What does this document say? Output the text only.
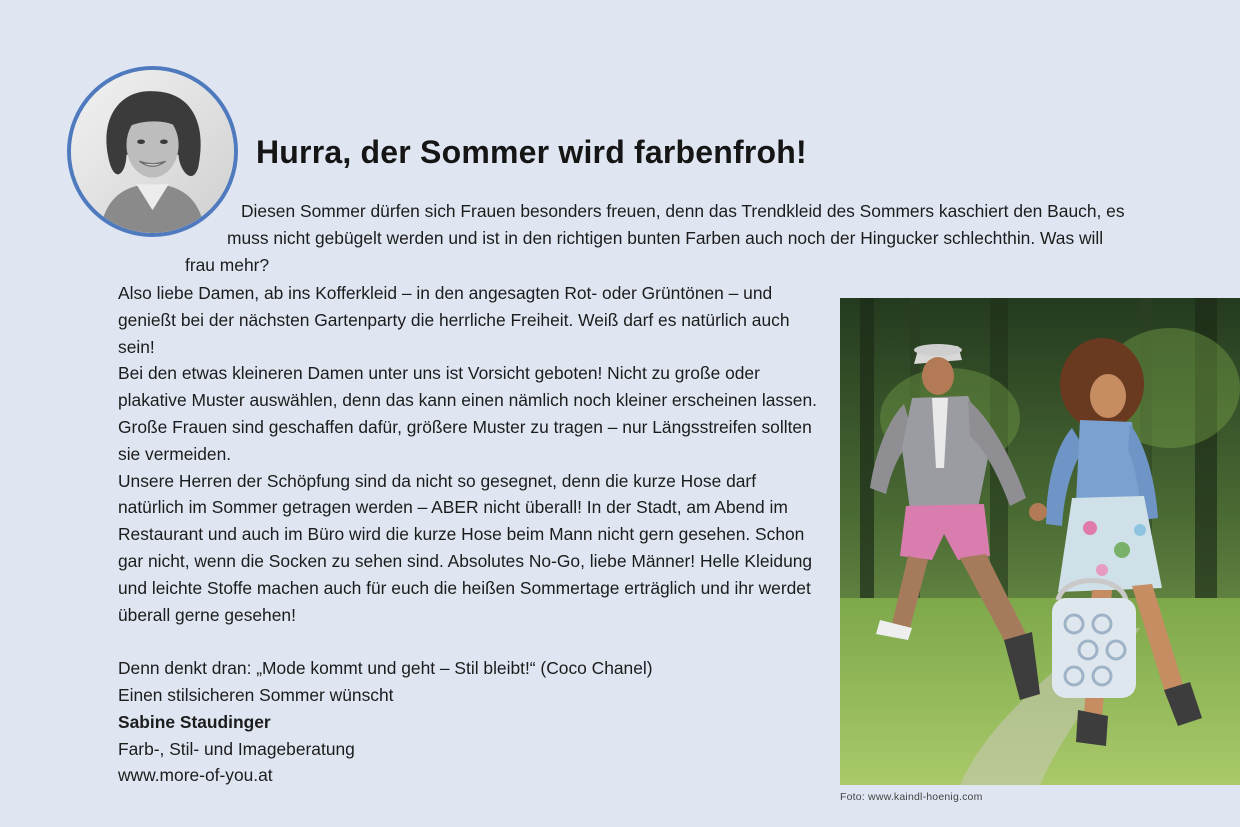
Hurra, der Sommer wird farbenfroh!
Diesen Sommer dürfen sich Frauen besonders freuen, denn das Trendkleid des Sommers kaschiert den Bauch, es
muss nicht gebügelt werden und ist in den richtigen bunten Farben auch noch der Hingucker schlechthin. Was will
frau mehr?

Also liebe Damen, ab ins Kofferkleid – in den angesagten Rot- oder Grüntönen – und genießt bei der nächsten Gartenparty die herrliche Freiheit. Weiß darf es natürlich auch sein!

Bei den etwas kleineren Damen unter uns ist Vorsicht geboten! Nicht zu große oder plakative Muster auswählen, denn das kann einen nämlich noch kleiner erscheinen lassen. Große Frauen sind geschaffen dafür, größere Muster zu tragen – nur Längsstreifen sollten sie vermeiden.

Unsere Herren der Schöpfung sind da nicht so gesegnet, denn die kurze Hose darf natürlich im Sommer getragen werden – ABER nicht überall! In der Stadt, am Abend im Restaurant und auch im Büro wird die kurze Hose beim Mann nicht gern gesehen. Schon gar nicht, wenn die Socken zu sehen sind. Absolutes No-Go, liebe Männer! Helle Kleidung und leichte Stoffe machen auch für euch die heißen Sommertage erträglich und ihr werdet überall gerne gesehen!

Denn denkt dran: „Mode kommt und geht – Stil bleibt!“ (Coco Chanel)

Einen stilsicheren Sommer wünscht

Sabine Staudinger

Farb-, Stil- und Imageberatung

www.more-of-you.at

Foto: www.kaindl-hoenig.com
